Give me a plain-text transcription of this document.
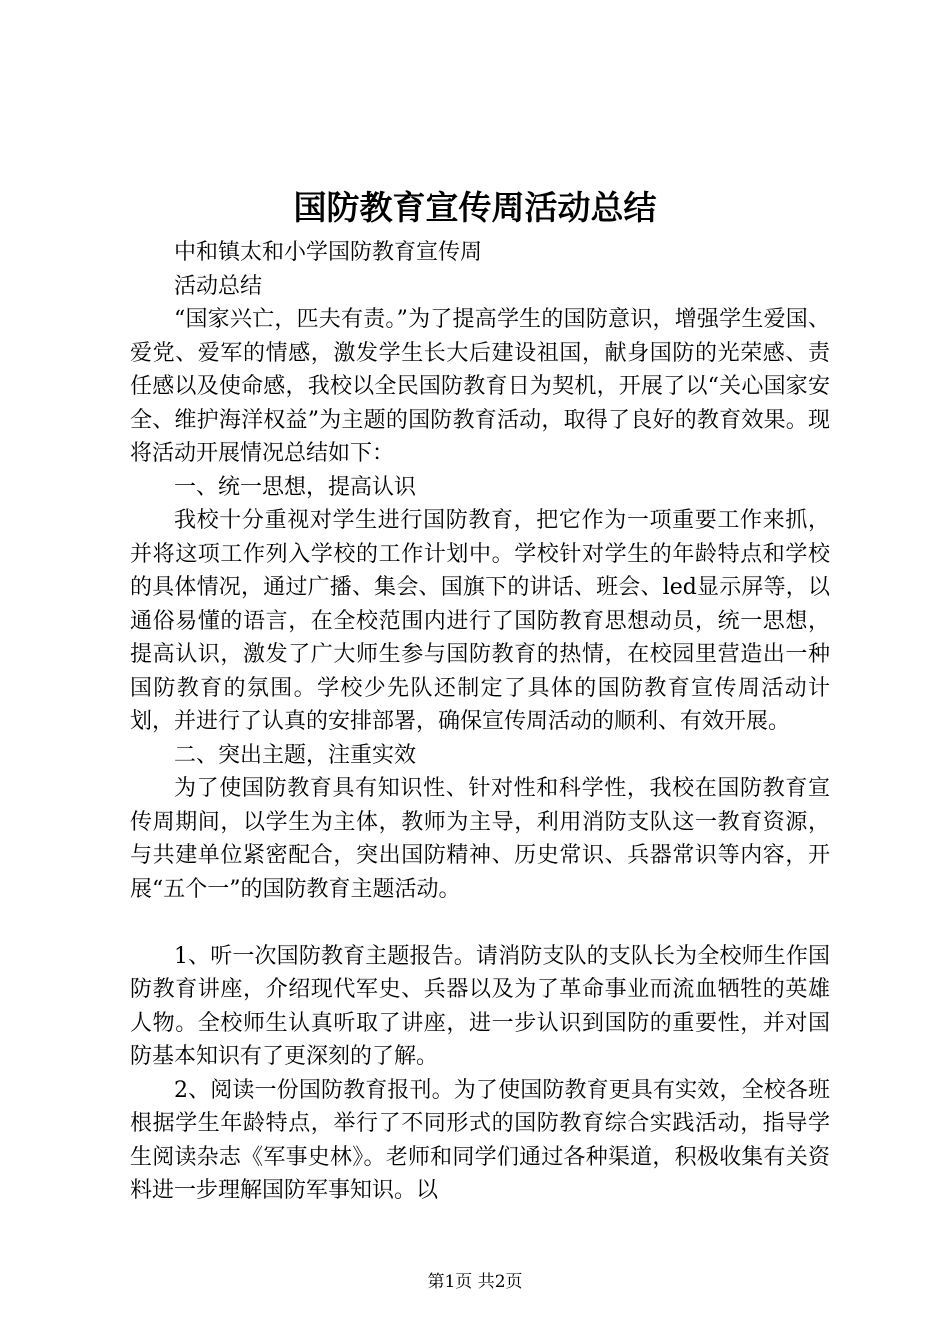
国防教育宣传周活动总结

中和镇太和小学国防教育宣传周

活动总结

“国家兴亡，匹夫有责。”为了提高学生的国防意识，增强学生爱国、爱党、爱军的情感，激发学生长大后建设祖国，献身国防的光荣感、责任感以及使命感，我校以全民国防教育日为契机，开展了以“关心国家安全、维护海洋权益”为主题的国防教育活动，取得了良好的教育效果。现将活动开展情况总结如下：

一、统一思想，提高认识

我校十分重视对学生进行国防教育，把它作为一项重要工作来抓，并将这项工作列入学校的工作计划中。学校针对学生的年龄特点和学校的具体情况，通过广播、集会、国旗下的讲话、班会、led显示屏等，以通俗易懂的语言，在全校范围内进行了国防教育思想动员，统一思想，提高认识，激发了广大师生参与国防教育的热情，在校园里营造出一种国防教育的氛围。学校少先队还制定了具体的国防教育宣传周活动计划，并进行了认真的安排部署，确保宣传周活动的顺利、有效开展。

二、突出主题，注重实效

为了使国防教育具有知识性、针对性和科学性，我校在国防教育宣传周期间，以学生为主体，教师为主导，利用消防支队这一教育资源，与共建单位紧密配合，突出国防精神、历史常识、兵器常识等内容，开展“五个一”的国防教育主题活动。

1、听一次国防教育主题报告。请消防支队的支队长为全校师生作国防教育讲座，介绍现代军史、兵器以及为了革命事业而流血牺牲的英雄人物。全校师生认真听取了讲座，进一步认识到国防的重要性，并对国防基本知识有了更深刻的了解。

2、阅读一份国防教育报刊。为了使国防教育更具有实效，全校各班根据学生年龄特点，举行了不同形式的国防教育综合实践活动，指导学生阅读杂志《军事史林》。老师和同学们通过各种渠道，积极收集有关资料进一步理解国防军事知识。以

第1页 共2页
